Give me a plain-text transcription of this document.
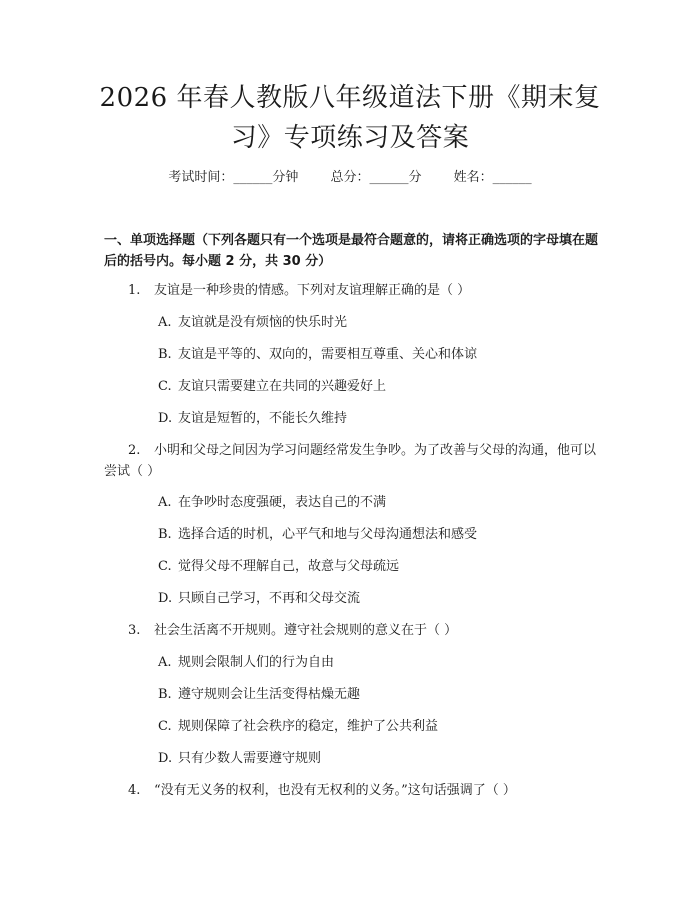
2026 年春人教版八年级道法下册《期末复
习》专项练习及答案
考试时间：______分钟 总分：______分 姓名：______
一、单项选择题（下列各题只有一个选项是最符合题意的，请将正确选项的字母填在题后的括号内。每小题 2 分，共 30 分）
1. 友谊是一种珍贵的情感。下列对友谊理解正确的是（ ）
A. 友谊就是没有烦恼的快乐时光
B. 友谊是平等的、双向的，需要相互尊重、关心和体谅
C. 友谊只需要建立在共同的兴趣爱好上
D. 友谊是短暂的，不能长久维持
2. 小明和父母之间因为学习问题经常发生争吵。为了改善与父母的沟通，他可以尝试（ ）
A. 在争吵时态度强硬，表达自己的不满
B. 选择合适的时机，心平气和地与父母沟通想法和感受
C. 觉得父母不理解自己，故意与父母疏远
D. 只顾自己学习，不再和父母交流
3. 社会生活离不开规则。遵守社会规则的意义在于（ ）
A. 规则会限制人们的行为自由
B. 遵守规则会让生活变得枯燥无趣
C. 规则保障了社会秩序的稳定，维护了公共利益
D. 只有少数人需要遵守规则
4. “没有无义务的权利，也没有无权利的义务。”这句话强调了（ ）
